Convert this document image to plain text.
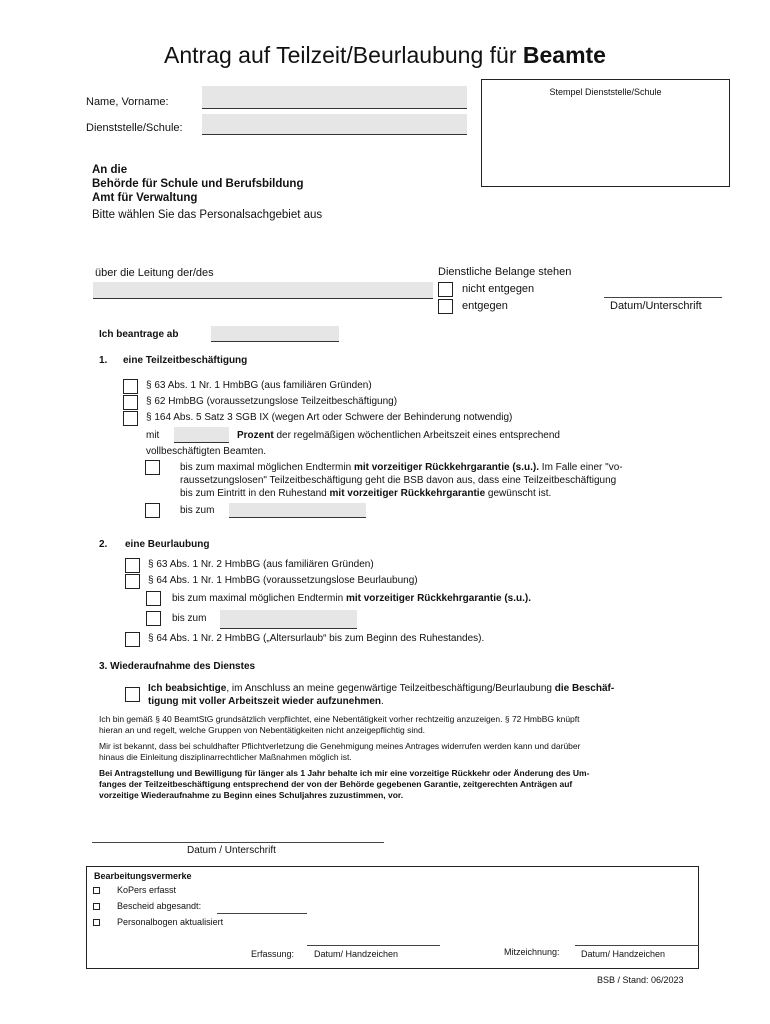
Antrag auf Teilzeit/Beurlaubung für Beamte
Name, Vorname:
Dienststelle/Schule:
Stempel Dienststelle/Schule
An die
Behörde für Schule und Berufsbildung
Amt für Verwaltung
Bitte wählen Sie das Personalsachgebiet aus
über die Leitung der/des	Dienstliche Belange stehen
nicht entgegen
entgegen	Datum/Unterschrift
Ich beantrage ab
1. eine Teilzeitbeschäftigung
§ 63 Abs. 1 Nr. 1 HmbBG (aus familiären Gründen)
§ 62 HmbBG (voraussetzungslose Teilzeitbeschäftigung)
§ 164 Abs. 5 Satz 3 SGB IX (wegen Art oder Schwere der Behinderung notwendig)
mit	Prozent der regelmäßigen wöchentlichen Arbeitszeit eines entsprechend
vollbeschäftigten Beamten.
bis zum maximal möglichen Endtermin mit vorzeitiger Rückkehrgarantie (s.u.). Im Falle einer "vo-
raussetzungslosen" Teilzeitbeschäftigung geht die BSB davon aus, dass eine Teilzeitbeschäftigung
bis zum Eintritt in den Ruhestand mit vorzeitiger Rückkehrgarantie gewünscht ist.
bis zum
2. eine Beurlaubung
§ 63 Abs. 1 Nr. 2 HmbBG (aus familiären Gründen)
§ 64 Abs. 1 Nr. 1 HmbBG (voraussetzungslose Beurlaubung)
bis zum maximal möglichen Endtermin mit vorzeitiger Rückkehrgarantie (s.u.).
bis zum
§ 64 Abs. 1 Nr. 2 HmbBG („Altersurlaub“ bis zum Beginn des Ruhestandes).
3. Wiederaufnahme des Dienstes
Ich beabsichtige, im Anschluss an meine gegenwärtige Teilzeitbeschäftigung/Beurlaubung die Beschäf-
tigung mit voller Arbeitszeit wieder aufzunehmen.
Ich bin gemäß § 40 BeamtStG grundsätzlich verpflichtet, eine Nebentätigkeit vorher rechtzeitig anzuzeigen. § 72 HmbBG knüpft
hieran an und regelt, welche Gruppen von Nebentätigkeiten nicht anzeigepflichtig sind.
Mir ist bekannt, dass bei schuldhafter Pflichtverletzung die Genehmigung meines Antrages widerrufen werden kann und darüber
hinaus die Einleitung disziplinarrechtlicher Maßnahmen möglich ist.
Bei Antragstellung und Bewilligung für länger als 1 Jahr behalte ich mir eine vorzeitige Rückkehr oder Änderung des Um-
fanges der Teilzeitbeschäftigung entsprechend der von der Behörde gegebenen Garantie, zeitgerechten Anträgen auf
vorzeitige Wiederaufnahme zu Beginn eines Schuljahres zuzustimmen, vor.
Datum / Unterschrift
Bearbeitungsvermerke
KoPers erfasst
Bescheid abgesandt:
Personalbogen aktualisiert
Erfassung: Datum/ Handzeichen	Mitzeichnung: Datum/ Handzeichen
BSB / Stand: 06/2023
